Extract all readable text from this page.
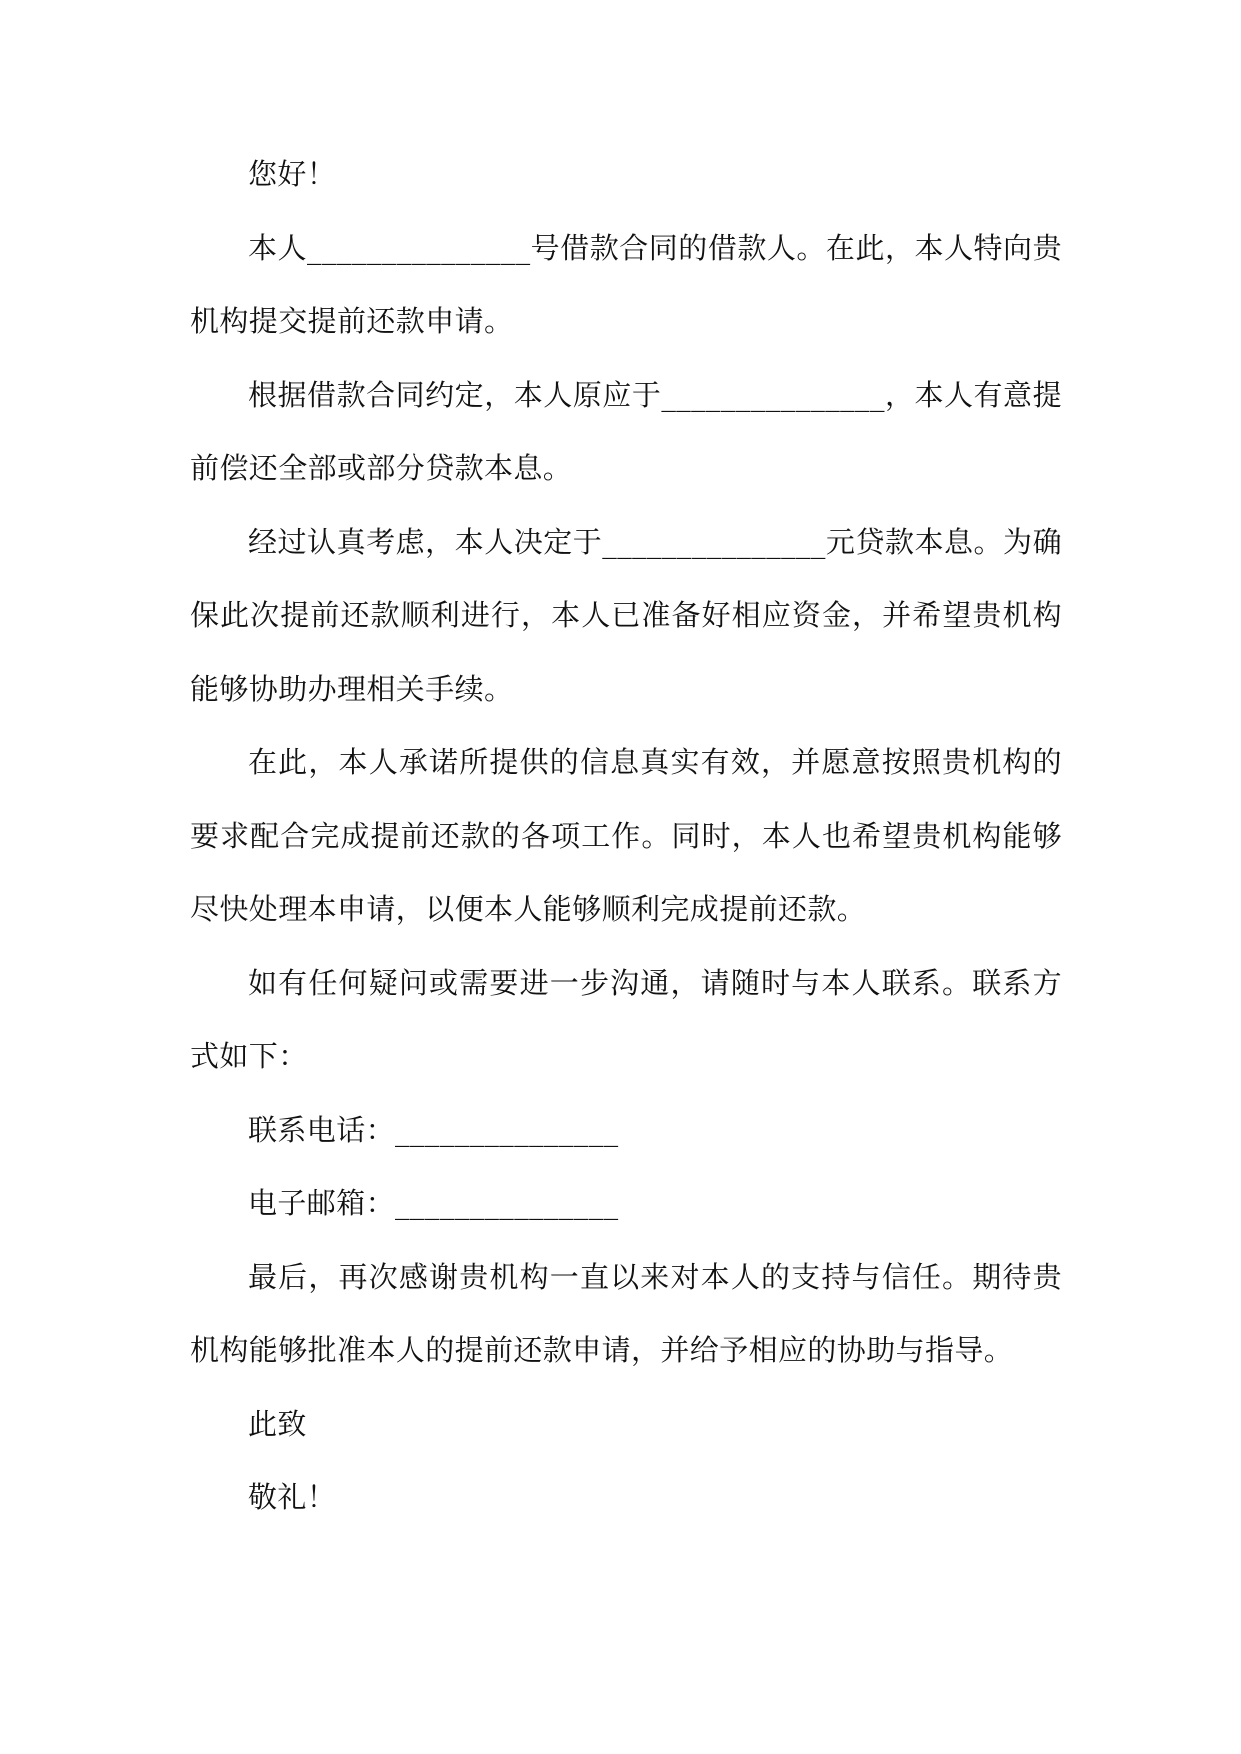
您好！

本人_______________号借款合同的借款人。在此，本人特向贵机构提交提前还款申请。

根据借款合同约定，本人原应于_______________，本人有意提前偿还全部或部分贷款本息。

经过认真考虑，本人决定于_______________元贷款本息。为确保此次提前还款顺利进行，本人已准备好相应资金，并希望贵机构能够协助办理相关手续。

在此，本人承诺所提供的信息真实有效，并愿意按照贵机构的要求配合完成提前还款的各项工作。同时，本人也希望贵机构能够尽快处理本申请，以便本人能够顺利完成提前还款。

如有任何疑问或需要进一步沟通，请随时与本人联系。联系方式如下：

联系电话：_______________

电子邮箱：_______________

最后，再次感谢贵机构一直以来对本人的支持与信任。期待贵机构能够批准本人的提前还款申请，并给予相应的协助与指导。

此致

敬礼！
